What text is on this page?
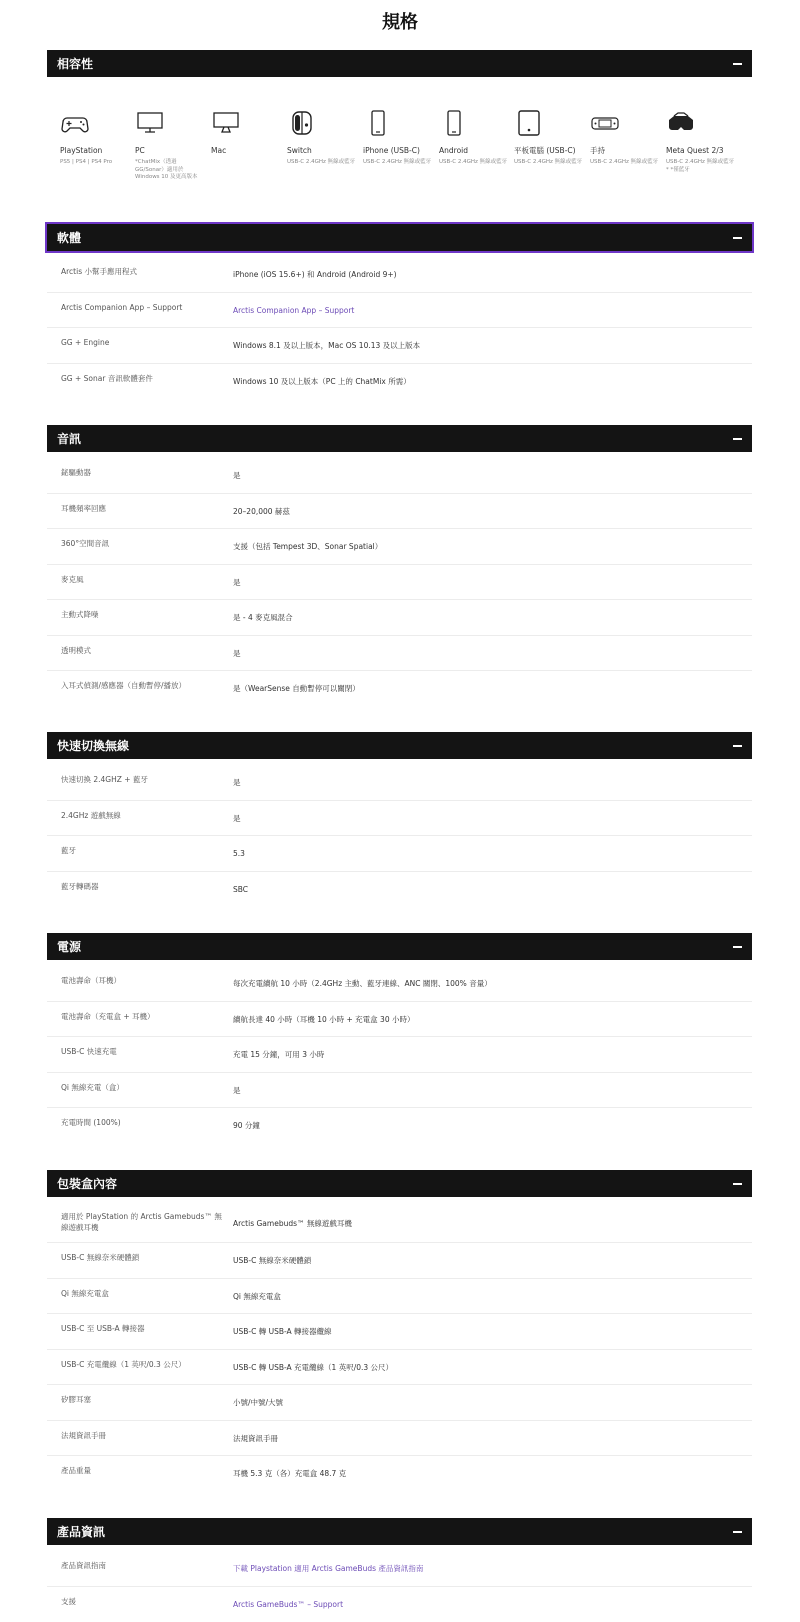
規格
相容性
PlayStation
PS5 | PS4 | PS4 Pro
PC
*ChatMix（透過 GG/Sonar）適用於 Windows 10 及更高版本
Mac	Switch
USB-C 2.4GHz 無線或藍牙
iPhone (USB-C)
USB-C 2.4GHz 無線或藍牙
Android
USB-C 2.4GHz 無線或藍牙
平板電腦 (USB-C)
USB-C 2.4GHz 無線或藍牙
手持
USB-C 2.4GHz 無線或藍牙
Meta Quest 2/3
USB-C 2.4GHz 無線或藍牙* *僅藍牙
軟體
Arctis 小幫手應用程式	iPhone (iOS 15.6+) 和 Android (Android 9+)
Arctis Companion App – Support	Arctis Companion App – Support
GG + Engine	Windows 8.1 及以上版本，Mac OS 10.13 及以上版本
GG + Sonar 音訊軟體套件	Windows 10 及以上版本（PC 上的 ChatMix 所需）
音訊
鉍驅動器	是
耳機頻率回應	20–20,000 赫茲
360°空間音訊	支援（包括 Tempest 3D、Sonar Spatial）
麥克風	是
主動式降噪	是 - 4 麥克風混合
透明模式	是
入耳式偵測/感應器（自動暫停/播放）	是（WearSense 自動暫停可以關閉）
快速切換無線
快速切換 2.4GHZ + 藍牙	是
2.4GHz 遊戲無線	是
藍牙	5.3
藍牙轉碼器	SBC
電源
電池壽命（耳機）	每次充電續航 10 小時（2.4GHz 主動、藍牙連線、ANC 關閉、100% 音量）
電池壽命（充電盒 + 耳機）	續航長達 40 小時（耳機 10 小時 + 充電盒 30 小時）
USB-C 快速充電	充電 15 分鐘，可用 3 小時
Qi 無線充電（盒）	是
充電時間 (100%)	90 分鐘
包裝盒內容
適用於 PlayStation 的 Arctis Gamebuds™ 無線遊戲耳機	Arctis Gamebuds™ 無線遊戲耳機
USB-C 無線奈米硬體鎖	USB-C 無線奈米硬體鎖
Qi 無線充電盒	Qi 無線充電盒
USB-C 至 USB-A 轉接器	USB-C 轉 USB-A 轉接器纜線
USB-C 充電纜線（1 英呎/0.3 公尺）	USB-C 轉 USB-A 充電纜線（1 英呎/0.3 公尺）
矽膠耳塞	小號/中號/大號
法規資訊手冊	法規資訊手冊
產品重量	耳機 5.3 克（各）充電盒 48.7 克
產品資訊
產品資訊指南	下載 Playstation 適用 Arctis GameBuds 產品資訊指南
支援	Arctis GameBuds™ – Support
